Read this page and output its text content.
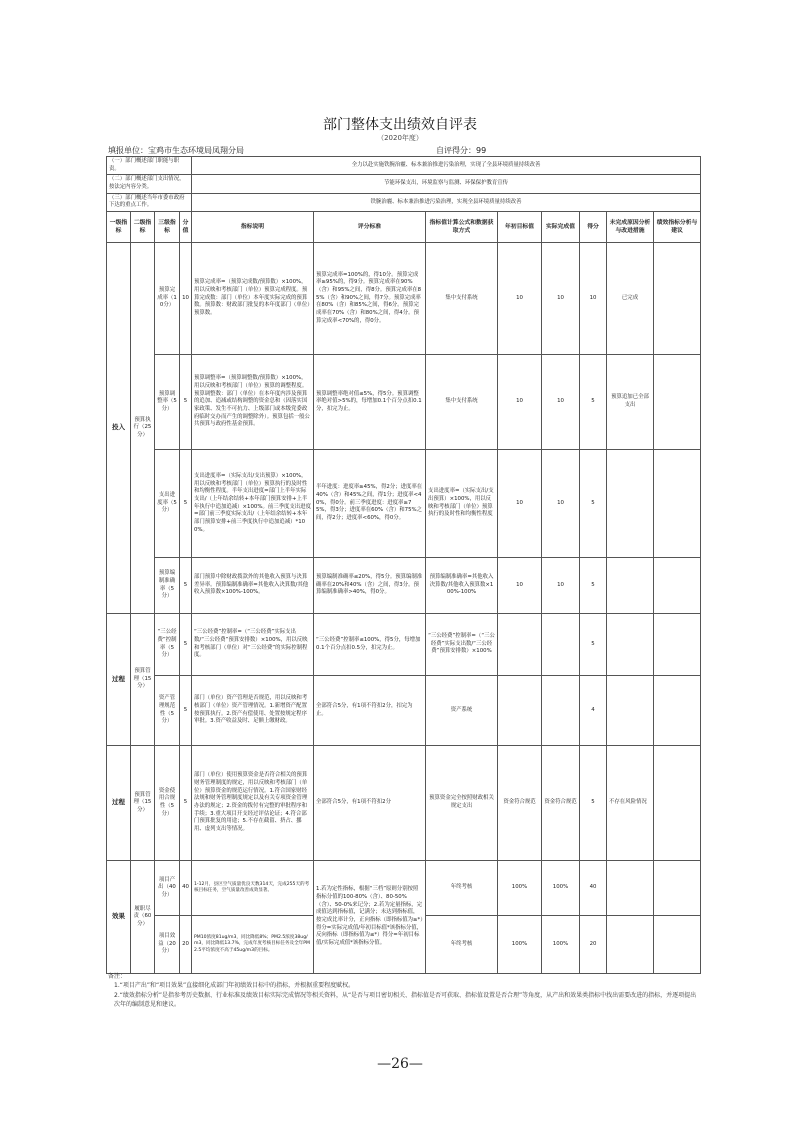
部门整体支出绩效自评表
（2020年度）
填报单位：宝鸡市生态环境局凤翔分局	自评得分：99
（一）部门概述部门职能与职责。				全力以赴实施铁腕治霾、标本兼治推进污染治理，实现了全县环境质量持续改善							
（二）部门概述部门支出情况，按法定内容分类。				节能环保支出，环境监察与监测、环保保护教育宣传							
（三）部门概述当年市委市政府下达的重点工作。				铁腕治霾、标本兼治推进污染治理，实现全县环境质量持续改善							
一级指标	二级指标	三级指标	分值	指标说明	评分标准	指标值计算公式和数据获取方式	年初目标值	实际完成值	得分	未完成原因分析与改进措施	绩效指标分析与建议
投入	预算执行（25分）	预算完成率（10分）	10	预算完成率=（预算完成数/预算数）×100%，用以反映和考核部门（单位）预算完成程度。预算完成数：部门（单位）本年度实际完成的预算数。预算数：财政部门批复的本年度部门（单位）预算数。	预算完成率=100%的，得10分。预算完成率≥95%的，得9分。预算完成率在90%（含）和95%之间，得8分。预算完成率在85%（含）和90%之间，得7分。预算完成率在80%（含）和85%之间，得6分。预算完成率在70%（含）和80%之间，得4分。预算完成率<70%的，得0分。	集中支付系统	10	10	10	已完成	
		预算调整率（5分）	5	预算调整率=（预算调整数/预算数）×100%，用以反映和考核部门（单位）预算的调整程度。预算调整数：部门（单位）在本年度内涉及预算的追加、追减或结构调整的资金总和（因落实国家政策、发生不可抗力、上级部门或本级党委政府临时交办而产生的调整除外）。预算包括一般公共预算与政府性基金预算。	预算调整率绝对值≤5%，得5分。预算调整率绝对值>5%的，每增加0.1个百分点扣0.1分，扣完为止。	集中支付系统	10	10	5	预算追加已全部支出	
		支出进度率（5分）	5	支出进度率=（实际支出/支出预算）×100%，用以反映和考核部门（单位）预算执行的及时性和均衡性程度。半年支出进度=部门上半年实际支出/（上年结余结转+本年部门预算安排+上半年执行中追加追减）×100%。前三季度支出进度=部门前三季度实际支出/（上年结余结转+本年部门预算安排+前三季度执行中追加追减）*100%。	半年进度：进度率≥45%，得2分；进度率在40%（含）和45%之间，得1分；进度率<40%，得0分。前三季度进度：进度率≥75%，得3分；进度率在60%（含）和75%之间，得2分；进度率<60%，得0分。	支出进度率=（实际支出/支出预算）×100%，用以反映和考核部门（单位）预算执行的及时性和均衡性程度	10	10	5		
		预算编制准确率（5分）	5	部门预算中除财政拨款外的其他收入预算与决算差异率。预算编制准确率=其他收入决算数/其他收入预算数×100%-100%。	预算编制准确率≤20%，得5分。预算编制准确率在20%和40%（含）之间，得3分。预算编制准确率>40%，得0分。	预算编制准确率=其他收入决算数/其他收入预算数×100%-100%	10	10	5		
过程	预算管理（15分）	“三公经费”控制率（5分）	5	“三公经费”控制率=（“三公经费”实际支出数/“三公经费”预算安排数）×100%，用以反映和考核部门（单位）对“三公经费”的实际控制程度。	“三公经费”控制率≤100%，得5分，每增加0.1个百分点扣0.5分，扣完为止。	“三公经费”控制率=（“三公经费”实际支出数/“三公经费”预算安排数）×100%			5		
		资产管理规范性（5分）	5	部门（单位）资产管理是否规范，用以反映和考核部门（单位）资产管理情况。1.新增资产配置按预算执行。2.资产有偿使用、处置按规定程序审批。3.资产收益及时、足额上缴财政。	全部符合5分，有1项不符扣2分，扣完为止。	资产系统			4		
过程	预算管理（15分）	资金使用合规性（5分）	5	部门（单位）使用预算资金是否符合相关的预算财务管理制度的规定，用以反映和考核部门（单位）预算资金的规范运行情况。1.符合国家财经法规和财务管理制度规定以及有关专项资金管理办法的规定；2.资金的拨付有完整的审批程序和手续；3.重大项目开支经过评估论证；4.符合部门预算批复的用途；5.不存在截留、挤占、挪用、虚列支出等情况。	全部符合5分，有1项不符扣2分	预算资金完全按照财政相关规定支出	资金符合规范	资金符合规范	5	不存在风险情况	
效果	履职尽责（60分）	项目产出（40分）	40	1-12月，县区空气质量优良天数314天，完成255天的考核目标任务，空气质量改善成效显著。	1.若为定性指标，根据“三档”原则分别按照指标分值的100-80%（含）、80-50%（含）、50-0%来记分；2.若为定量指标，完成值达到指标值，记满分；未达到指标值，按完成比率计分，正向指标（即指标值为≥*）得分=实际完成值/年初目标值*该指标分值，反向指标（即指标值为≤*）得分=年初目标值/实际完成值*该指标分值。	年终考核	100%	100%	40		
		项目效益（20分）	20	PM10浓度81ug/m3，同比降低8%；PM2.5浓度38ug/m3，同比降低13.7%，完成年度考核目标任务及全年PM2.5平均浓度不高于45ug/m3的目标。		年终考核	100%	100%	20		
备注：
1.“项目产出”和“项目效果”直接细化成部门年初绩效目标中的指标，并根据重要程度赋权。
2.“绩效指标分析”是指参考历史数据、行业标准及绩效目标实际完成情况等相关资料，从“是否与项目密切相关、指标值是否可获取、指标值设置是否合理”等角度，从产出和效果类指标中找出需要改进的指标，并逐项提出次年的编制意见和建议。
—26—
